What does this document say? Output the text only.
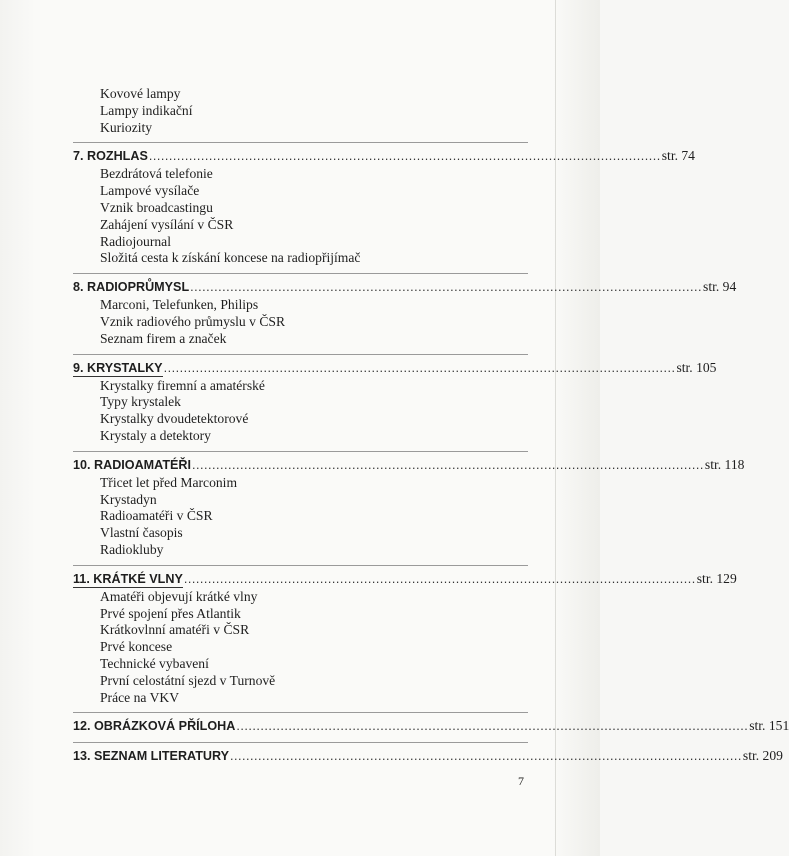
Kovové lampy
Lampy indikační
Kuriozity
7. ROZHLAS ................................................................................................................................ str. 74
Bezdrátová telefonie
Lampové vysílače
Vznik broadcastingu
Zahájení vysílání v ČSR
Radiojournal
Složitá cesta k získání koncese na radiopřijímač
8. RADIOPRŮMYSL ................................................................................................................................ str. 94
Marconi, Telefunken, Philips
Vznik radiového průmyslu v ČSR
Seznam firem a značek
9. KRYSTALKY ................................................................................................................................ str. 105
Krystalky firemní a amatérské
Typy krystalek
Krystalky dvoudetektorové
Krystaly a detektory
10. RADIOAMATÉŘI ................................................................................................................................ str. 118
Třicet let před Marconim
Krystadyn
Radioamatéři v ČSR
Vlastní časopis
Radiokluby
11. KRÁTKÉ VLNY ................................................................................................................................ str. 129
Amatéři objevují krátké vlny
Prvé spojení přes Atlantik
Krátkovlnní amatéři v ČSR
Prvé koncese
Technické vybavení
První celostátní sjezd v Turnově
Práce na VKV
12. OBRÁZKOVÁ PŘÍLOHA ................................................................................................................................ str. 151
13. SEZNAM LITERATURY ................................................................................................................................ str. 209
7
